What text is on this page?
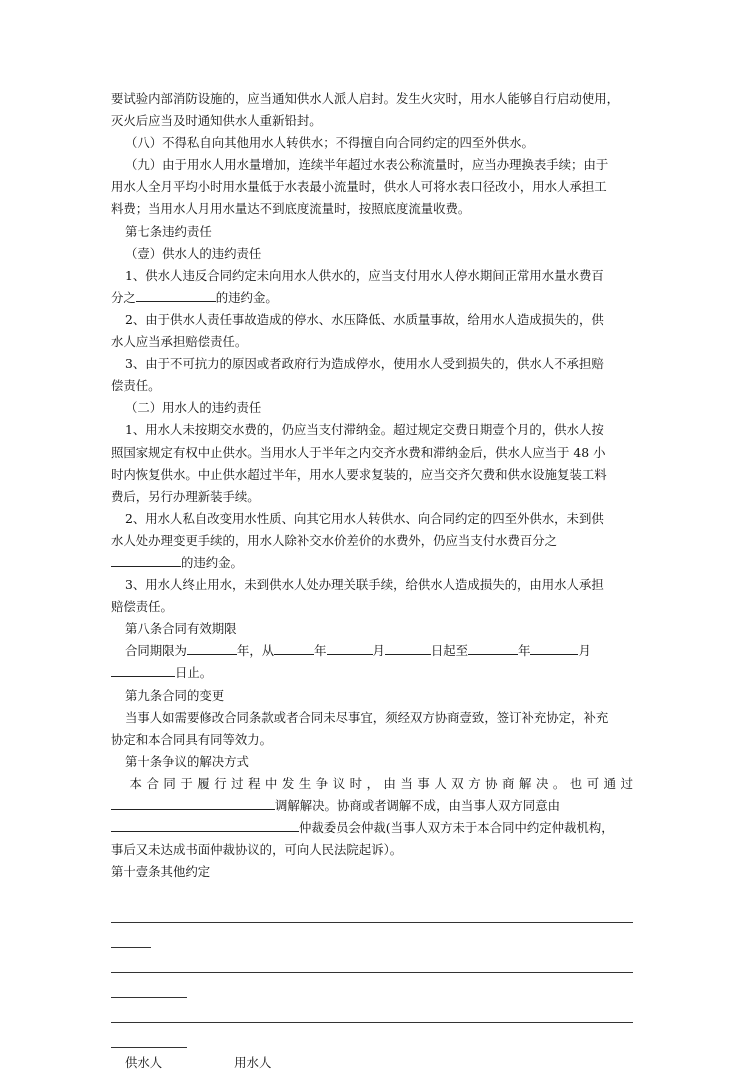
要试验内部消防设施的，应当通知供水人派人启封。发生火灾时，用水人能够自行启动使用，

灭火后应当及时通知供水人重新铅封。

（八）不得私自向其他用水人转供水；不得擅自向合同约定的四至外供水。

（九）由于用水人用水量增加，连续半年超过水表公称流量时，应当办理换表手续；由于

用水人全月平均小时用水量低于水表最小流量时，供水人可将水表口径改小，用水人承担工

料费；当用水人月用水量达不到底度流量时，按照底度流量收费。

第七条违约责任

（壹）供水人的违约责任

1、供水人违反合同约定未向用水人供水的，应当支付用水人停水期间正常用水量水费百

分之	的违约金。

2、由于供水人责任事故造成的停水、水压降低、水质量事故，给用水人造成损失的，供

水人应当承担赔偿责任。

3、由于不可抗力的原因或者政府行为造成停水，使用水人受到损失的，供水人不承担赔

偿责任。

（二）用水人的违约责任

1、用水人未按期交水费的，仍应当支付滞纳金。超过规定交费日期壹个月的，供水人按

照国家规定有权中止供水。当用水人于半年之内交齐水费和滞纳金后，供水人应当于 48 小

时内恢复供水。中止供水超过半年，用水人要求复装的，应当交齐欠费和供水设施复装工料

费后，另行办理新装手续。

2、用水人私自改变用水性质、向其它用水人转供水、向合同约定的四至外供水，未到供

水人处办理变更手续的，用水人除补交水价差价的水费外，仍应当支付水费百分之

的违约金。

3、用水人终止用水，未到供水人处办理关联手续，给供水人造成损失的，由用水人承担

赔偿责任。

第八条合同有效期限

合同期限为	年，从	年	月	日起至	年	月

日止。

第九条合同的变更

当事人如需要修改合同条款或者合同未尽事宜，须经双方协商壹致，签订补充协定，补充

协定和本合同具有同等效力。

第十条争议的解决方式

本合同于履行过程中发生争议时，由当事人双方协商解决。也可通过

调解解决。协商或者调解不成，由当事人双方同意由

仲裁委员会仲裁(当事人双方未于本合同中约定仲裁机构，

事后又未达成书面仲裁协议的，可向人民法院起诉）。

第十壹条其他约定

供水人	用水人
